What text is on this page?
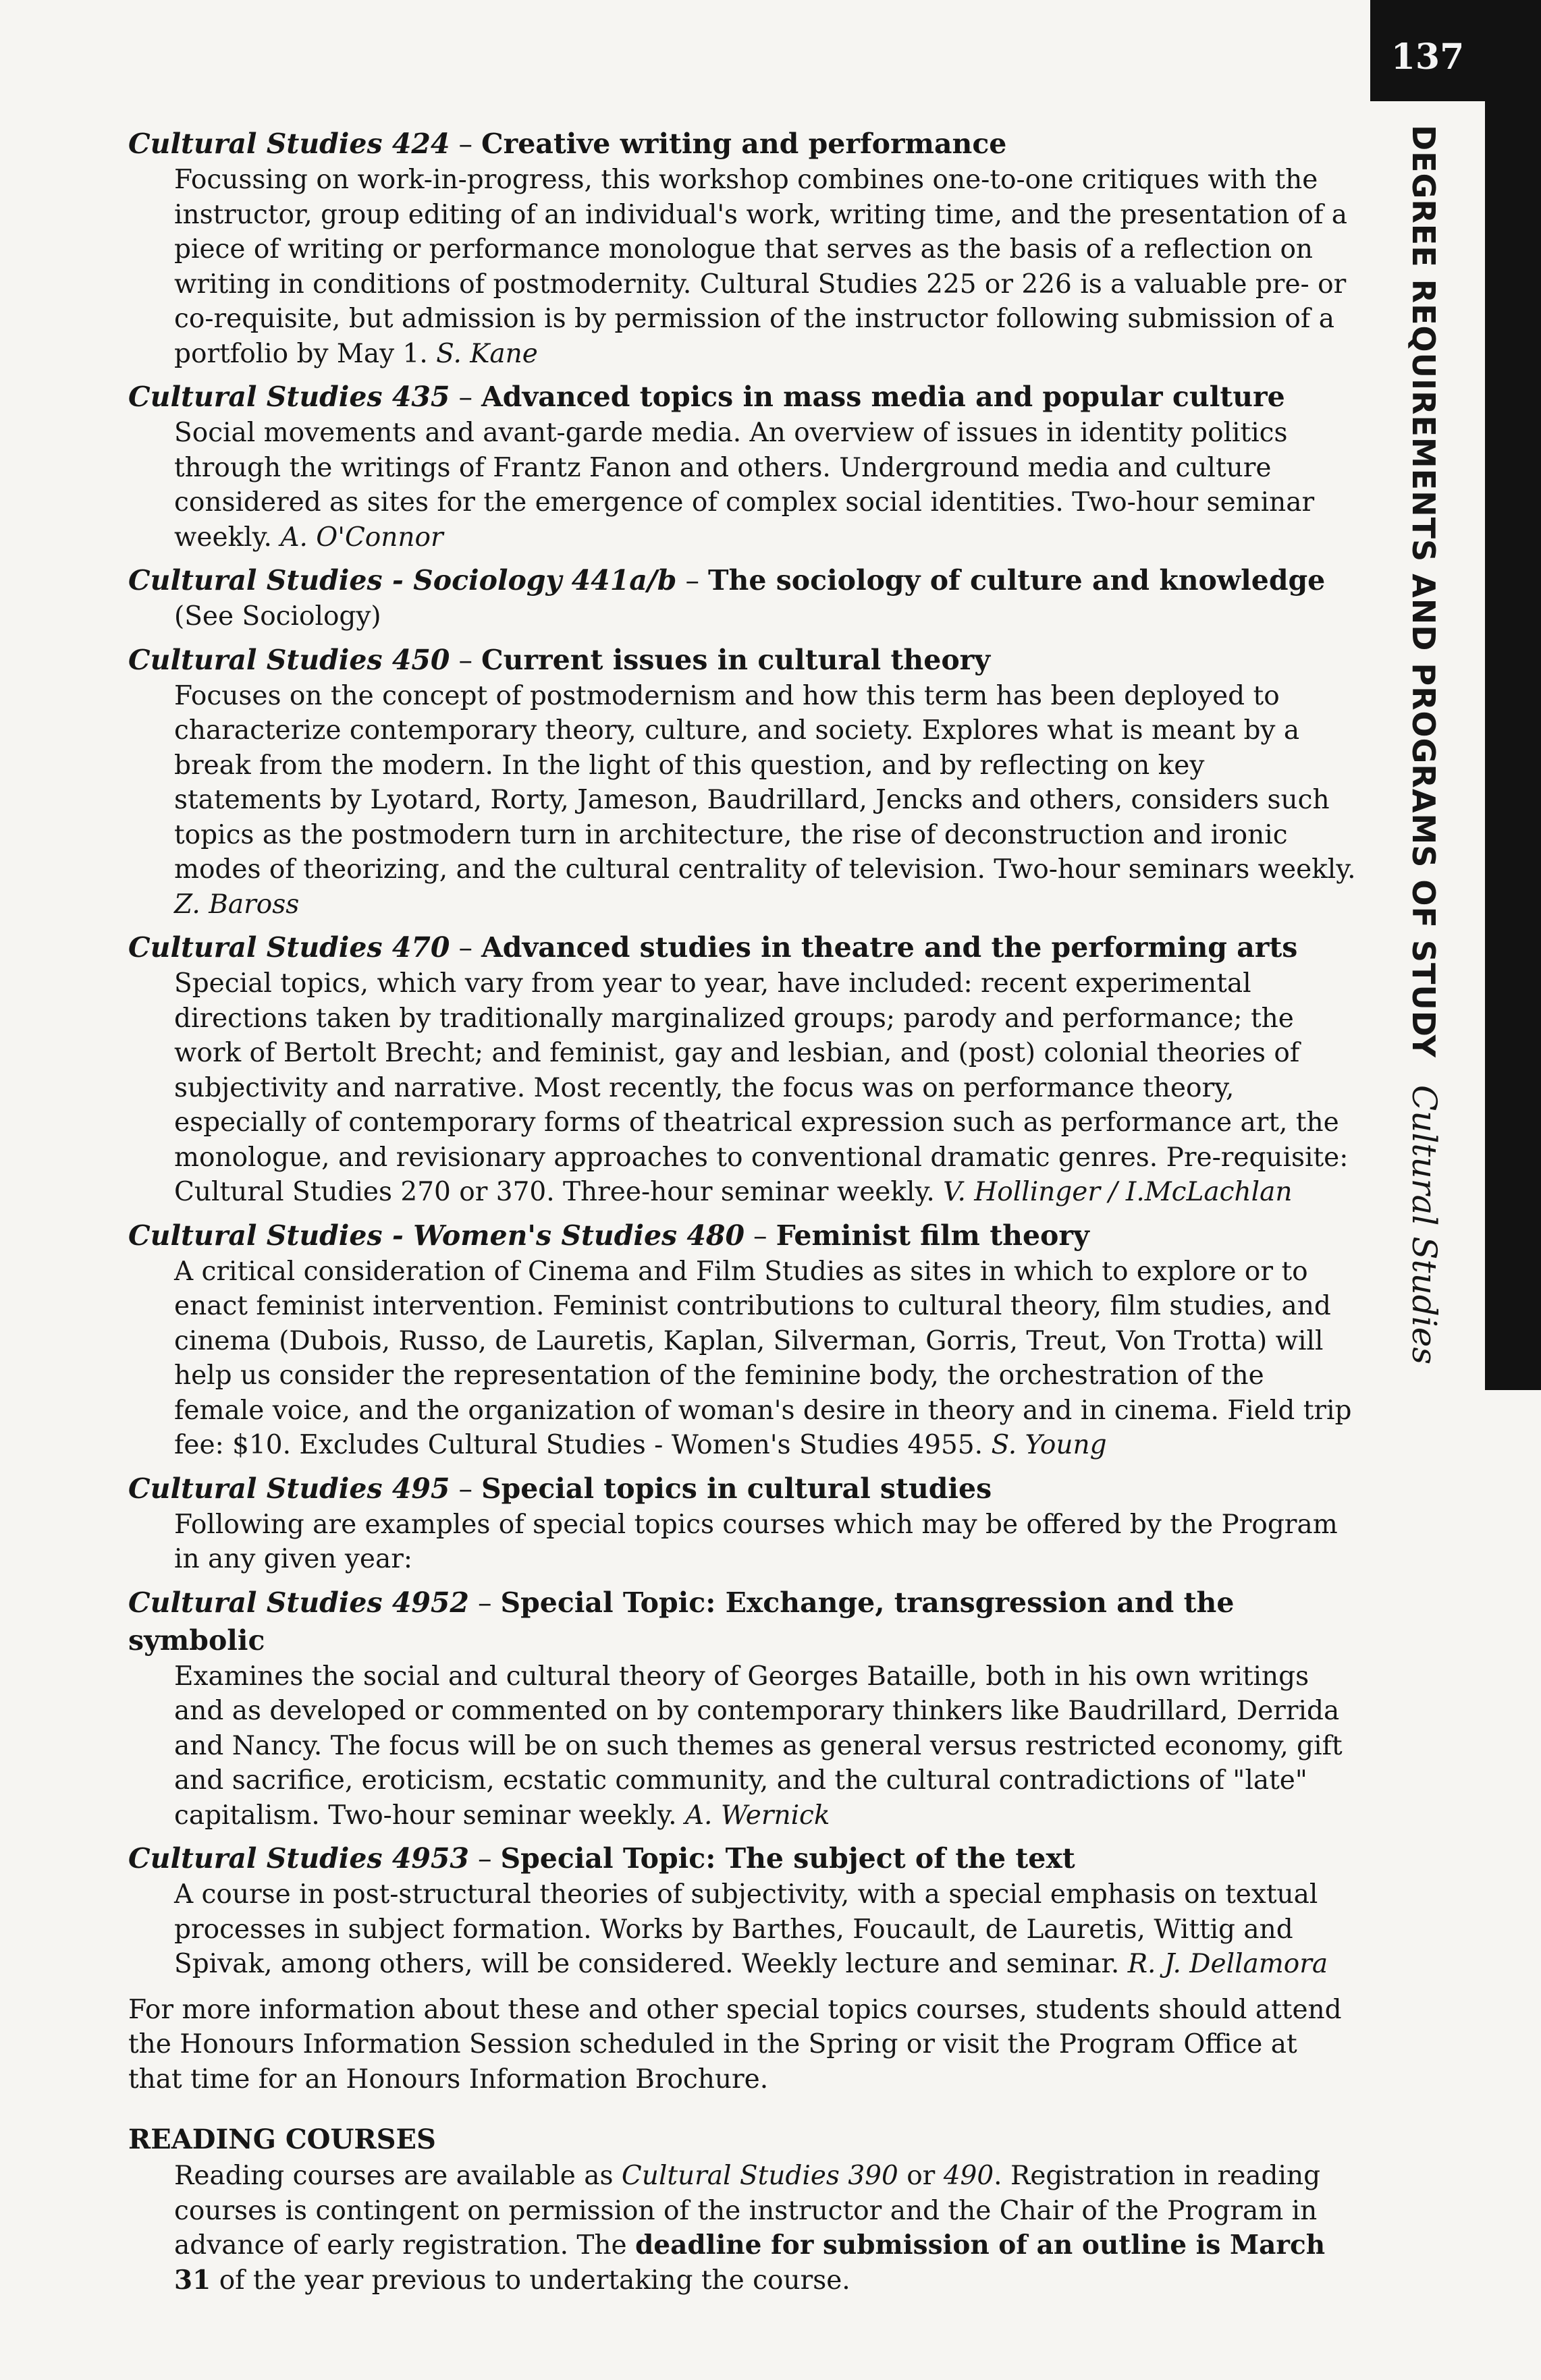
137
DEGREE REQUIREMENTS AND PROGRAMS OF STUDYCultural Studies
Cultural Studies 424 – Creative writing and performance
Focussing on work-in-progress, this workshop combines one-to-one critiques with the instructor, group editing of an individual's work, writing time, and the presentation of a piece of writing or performance monologue that serves as the basis of a reflection on writing in conditions of postmodernity. Cultural Studies 225 or 226 is a valuable pre- or co-requisite, but admission is by permission of the instructor following submission of a portfolio by May 1. S. Kane
Cultural Studies 435 – Advanced topics in mass media and popular culture
Social movements and avant-garde media. An overview of issues in identity politics through the writings of Frantz Fanon and others. Underground media and culture considered as sites for the emergence of complex social identities. Two-hour seminar weekly. A. O'Connor
Cultural Studies - Sociology 441a/b – The sociology of culture and knowledge
(See Sociology)
Cultural Studies 450 – Current issues in cultural theory
Focuses on the concept of postmodernism and how this term has been deployed to characterize contemporary theory, culture, and society. Explores what is meant by a break from the modern. In the light of this question, and by reflecting on key statements by Lyotard, Rorty, Jameson, Baudrillard, Jencks and others, considers such topics as the postmodern turn in architecture, the rise of deconstruction and ironic modes of theorizing, and the cultural centrality of television. Two-hour seminars weekly. Z. Baross
Cultural Studies 470 – Advanced studies in theatre and the performing arts
Special topics, which vary from year to year, have included: recent experimental directions taken by traditionally marginalized groups; parody and performance; the work of Bertolt Brecht; and feminist, gay and lesbian, and (post) colonial theories of subjectivity and narrative. Most recently, the focus was on performance theory, especially of contemporary forms of theatrical expression such as performance art, the monologue, and revisionary approaches to conventional dramatic genres. Pre-requisite: Cultural Studies 270 or 370. Three-hour seminar weekly. V. Hollinger / I.McLachlan
Cultural Studies - Women's Studies 480 – Feminist film theory
A critical consideration of Cinema and Film Studies as sites in which to explore or to enact feminist intervention. Feminist contributions to cultural theory, film studies, and cinema (Dubois, Russo, de Lauretis, Kaplan, Silverman, Gorris, Treut, Von Trotta) will help us consider the representation of the feminine body, the orchestration of the female voice, and the organization of woman's desire in theory and in cinema. Field trip fee: $10. Excludes Cultural Studies - Women's Studies 4955. S. Young
Cultural Studies 495 – Special topics in cultural studies
Following are examples of special topics courses which may be offered by the Program in any given year:
Cultural Studies 4952 – Special Topic: Exchange, transgression and the symbolic
Examines the social and cultural theory of Georges Bataille, both in his own writings and as developed or commented on by contemporary thinkers like Baudrillard, Derrida and Nancy. The focus will be on such themes as general versus restricted economy, gift and sacrifice, eroticism, ecstatic community, and the cultural contradictions of "late" capitalism. Two-hour seminar weekly. A. Wernick
Cultural Studies 4953 – Special Topic: The subject of the text
A course in post-structural theories of subjectivity, with a special emphasis on textual processes in subject formation. Works by Barthes, Foucault, de Lauretis, Wittig and Spivak, among others, will be considered. Weekly lecture and seminar. R. J. Dellamora
For more information about these and other special topics courses, students should attend the Honours Information Session scheduled in the Spring or visit the Program Office at that time for an Honours Information Brochure.
READING COURSES
Reading courses are available as Cultural Studies 390 or 490. Registration in reading courses is contingent on permission of the instructor and the Chair of the Program in advance of early registration. The deadline for submission of an outline is March 31 of the year previous to undertaking the course.
